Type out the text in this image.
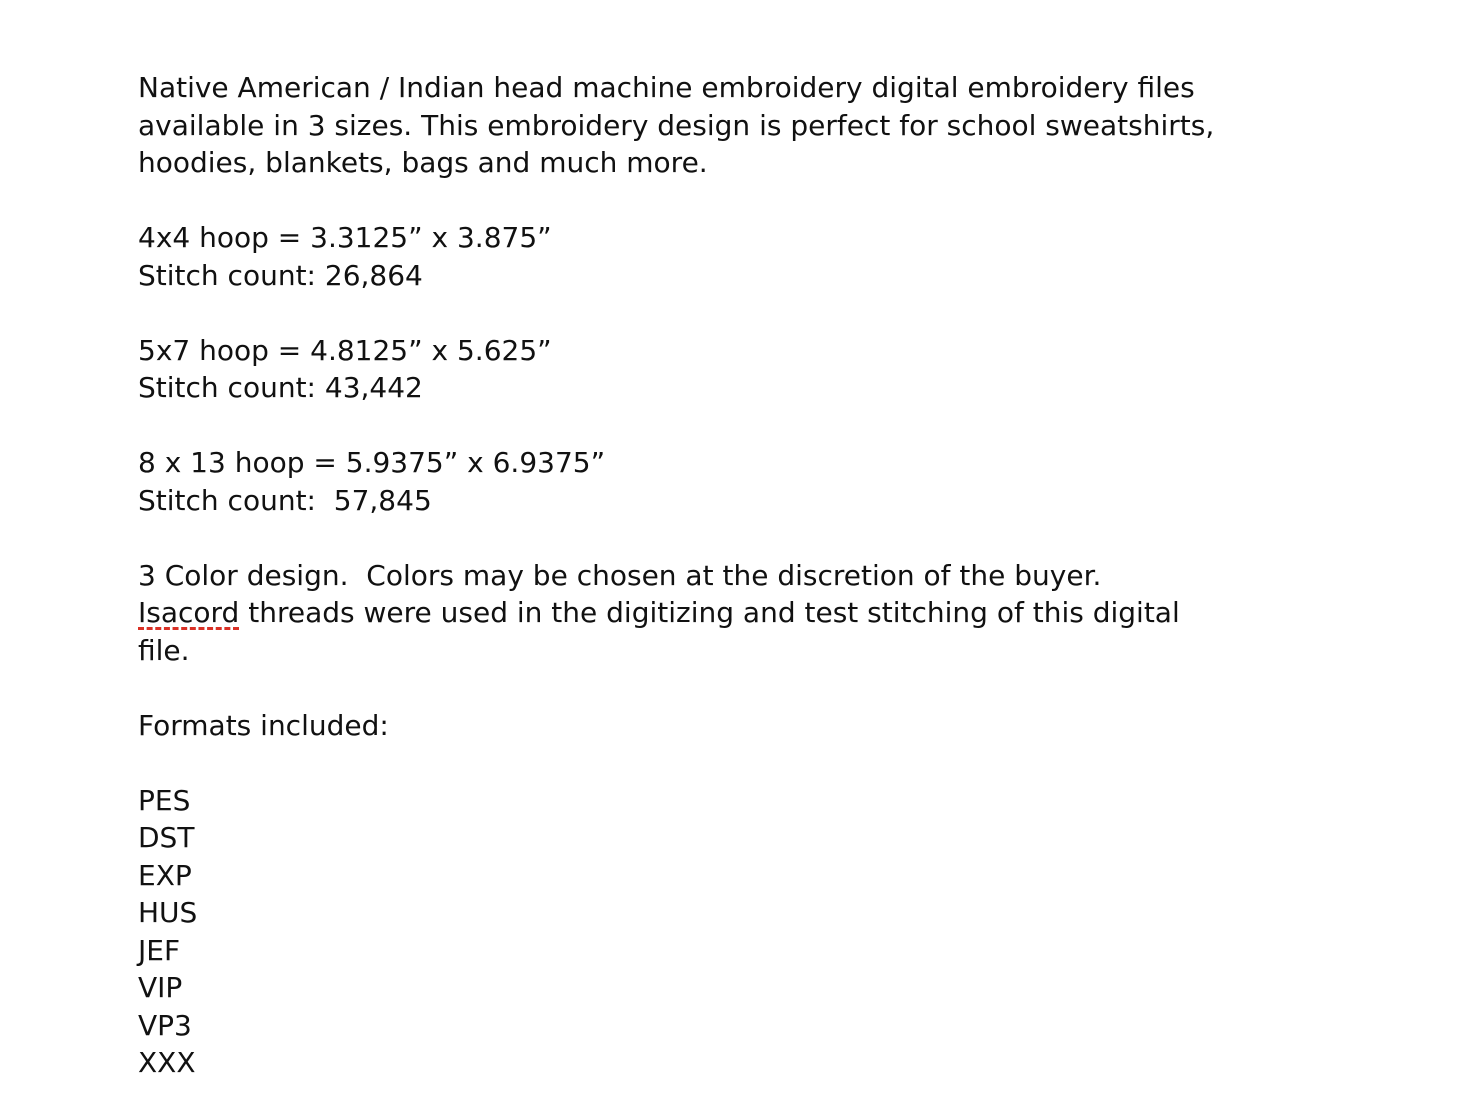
Native American / Indian head machine embroidery digital embroidery files
available in 3 sizes. This embroidery design is perfect for school sweatshirts,
hoodies, blankets, bags and much more.

4x4 hoop = 3.3125” x 3.875”
Stitch count: 26,864

5x7 hoop = 4.8125” x 5.625”
Stitch count: 43,442

8 x 13 hoop = 5.9375” x 6.9375”
Stitch count:  57,845

3 Color design.  Colors may be chosen at the discretion of the buyer.
Isacord threads were used in the digitizing and test stitching of this digital
file.

Formats included:

PES
DST
EXP
HUS
JEF
VIP
VP3
XXX
